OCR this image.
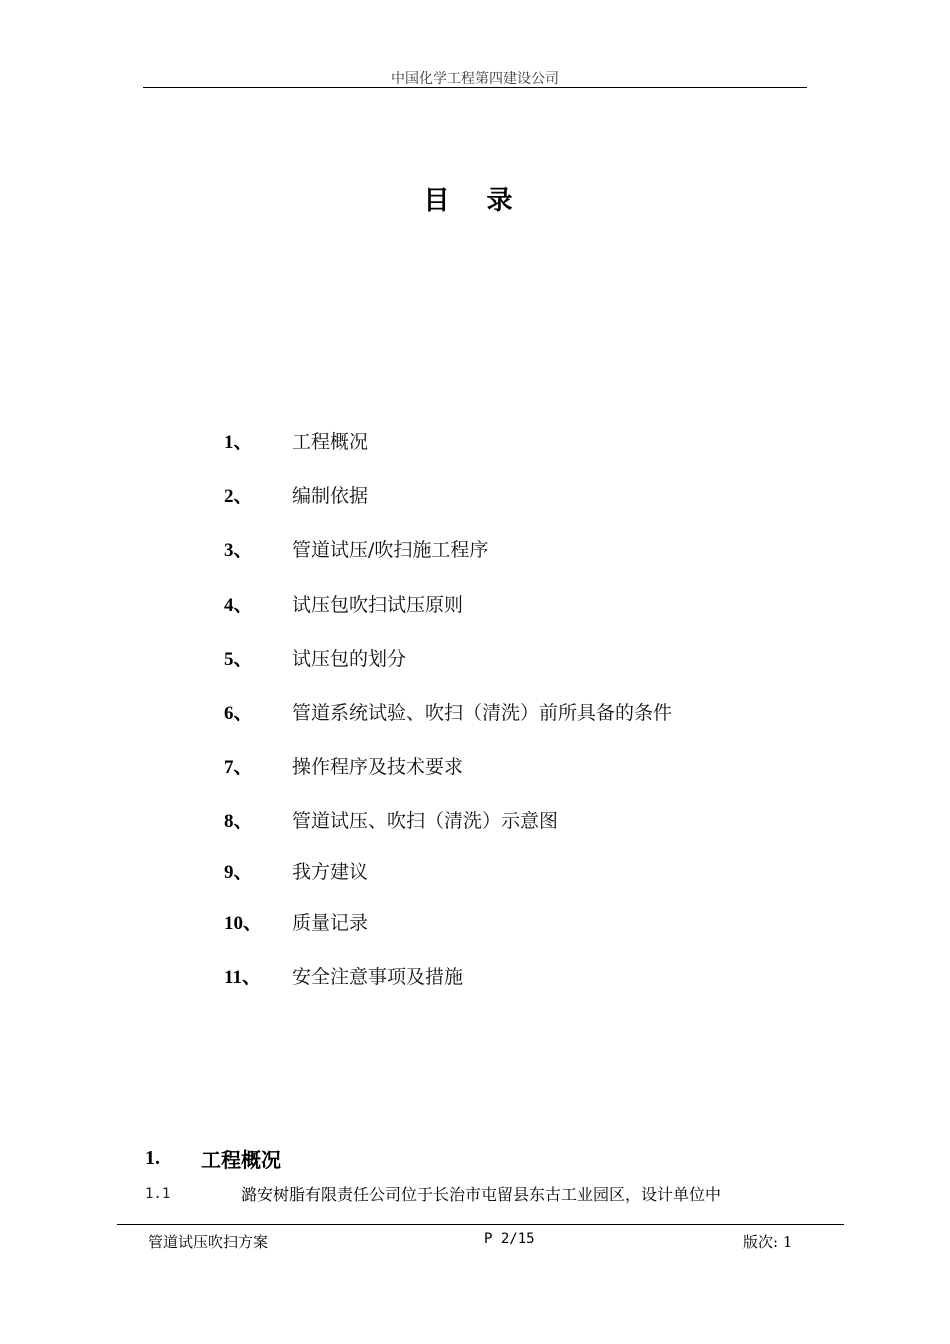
中国化学工程第四建设公司
目 录
1、	工程概况
2、	编制依据
3、	管道试压/吹扫施工程序
4、	试压包吹扫试压原则
5、	试压包的划分
6、	管道系统试验、吹扫（清洗）前所具备的条件
7、	操作程序及技术要求
8、	管道试压、吹扫（清洗）示意图
9、	我方建议
10、	质量记录
11、	安全注意事项及措施
1.	工程概况
1.1	潞安树脂有限责任公司位于长治市屯留县东古工业园区，设计单位中
管道试压吹扫方案	P 2/15	版次: 1
